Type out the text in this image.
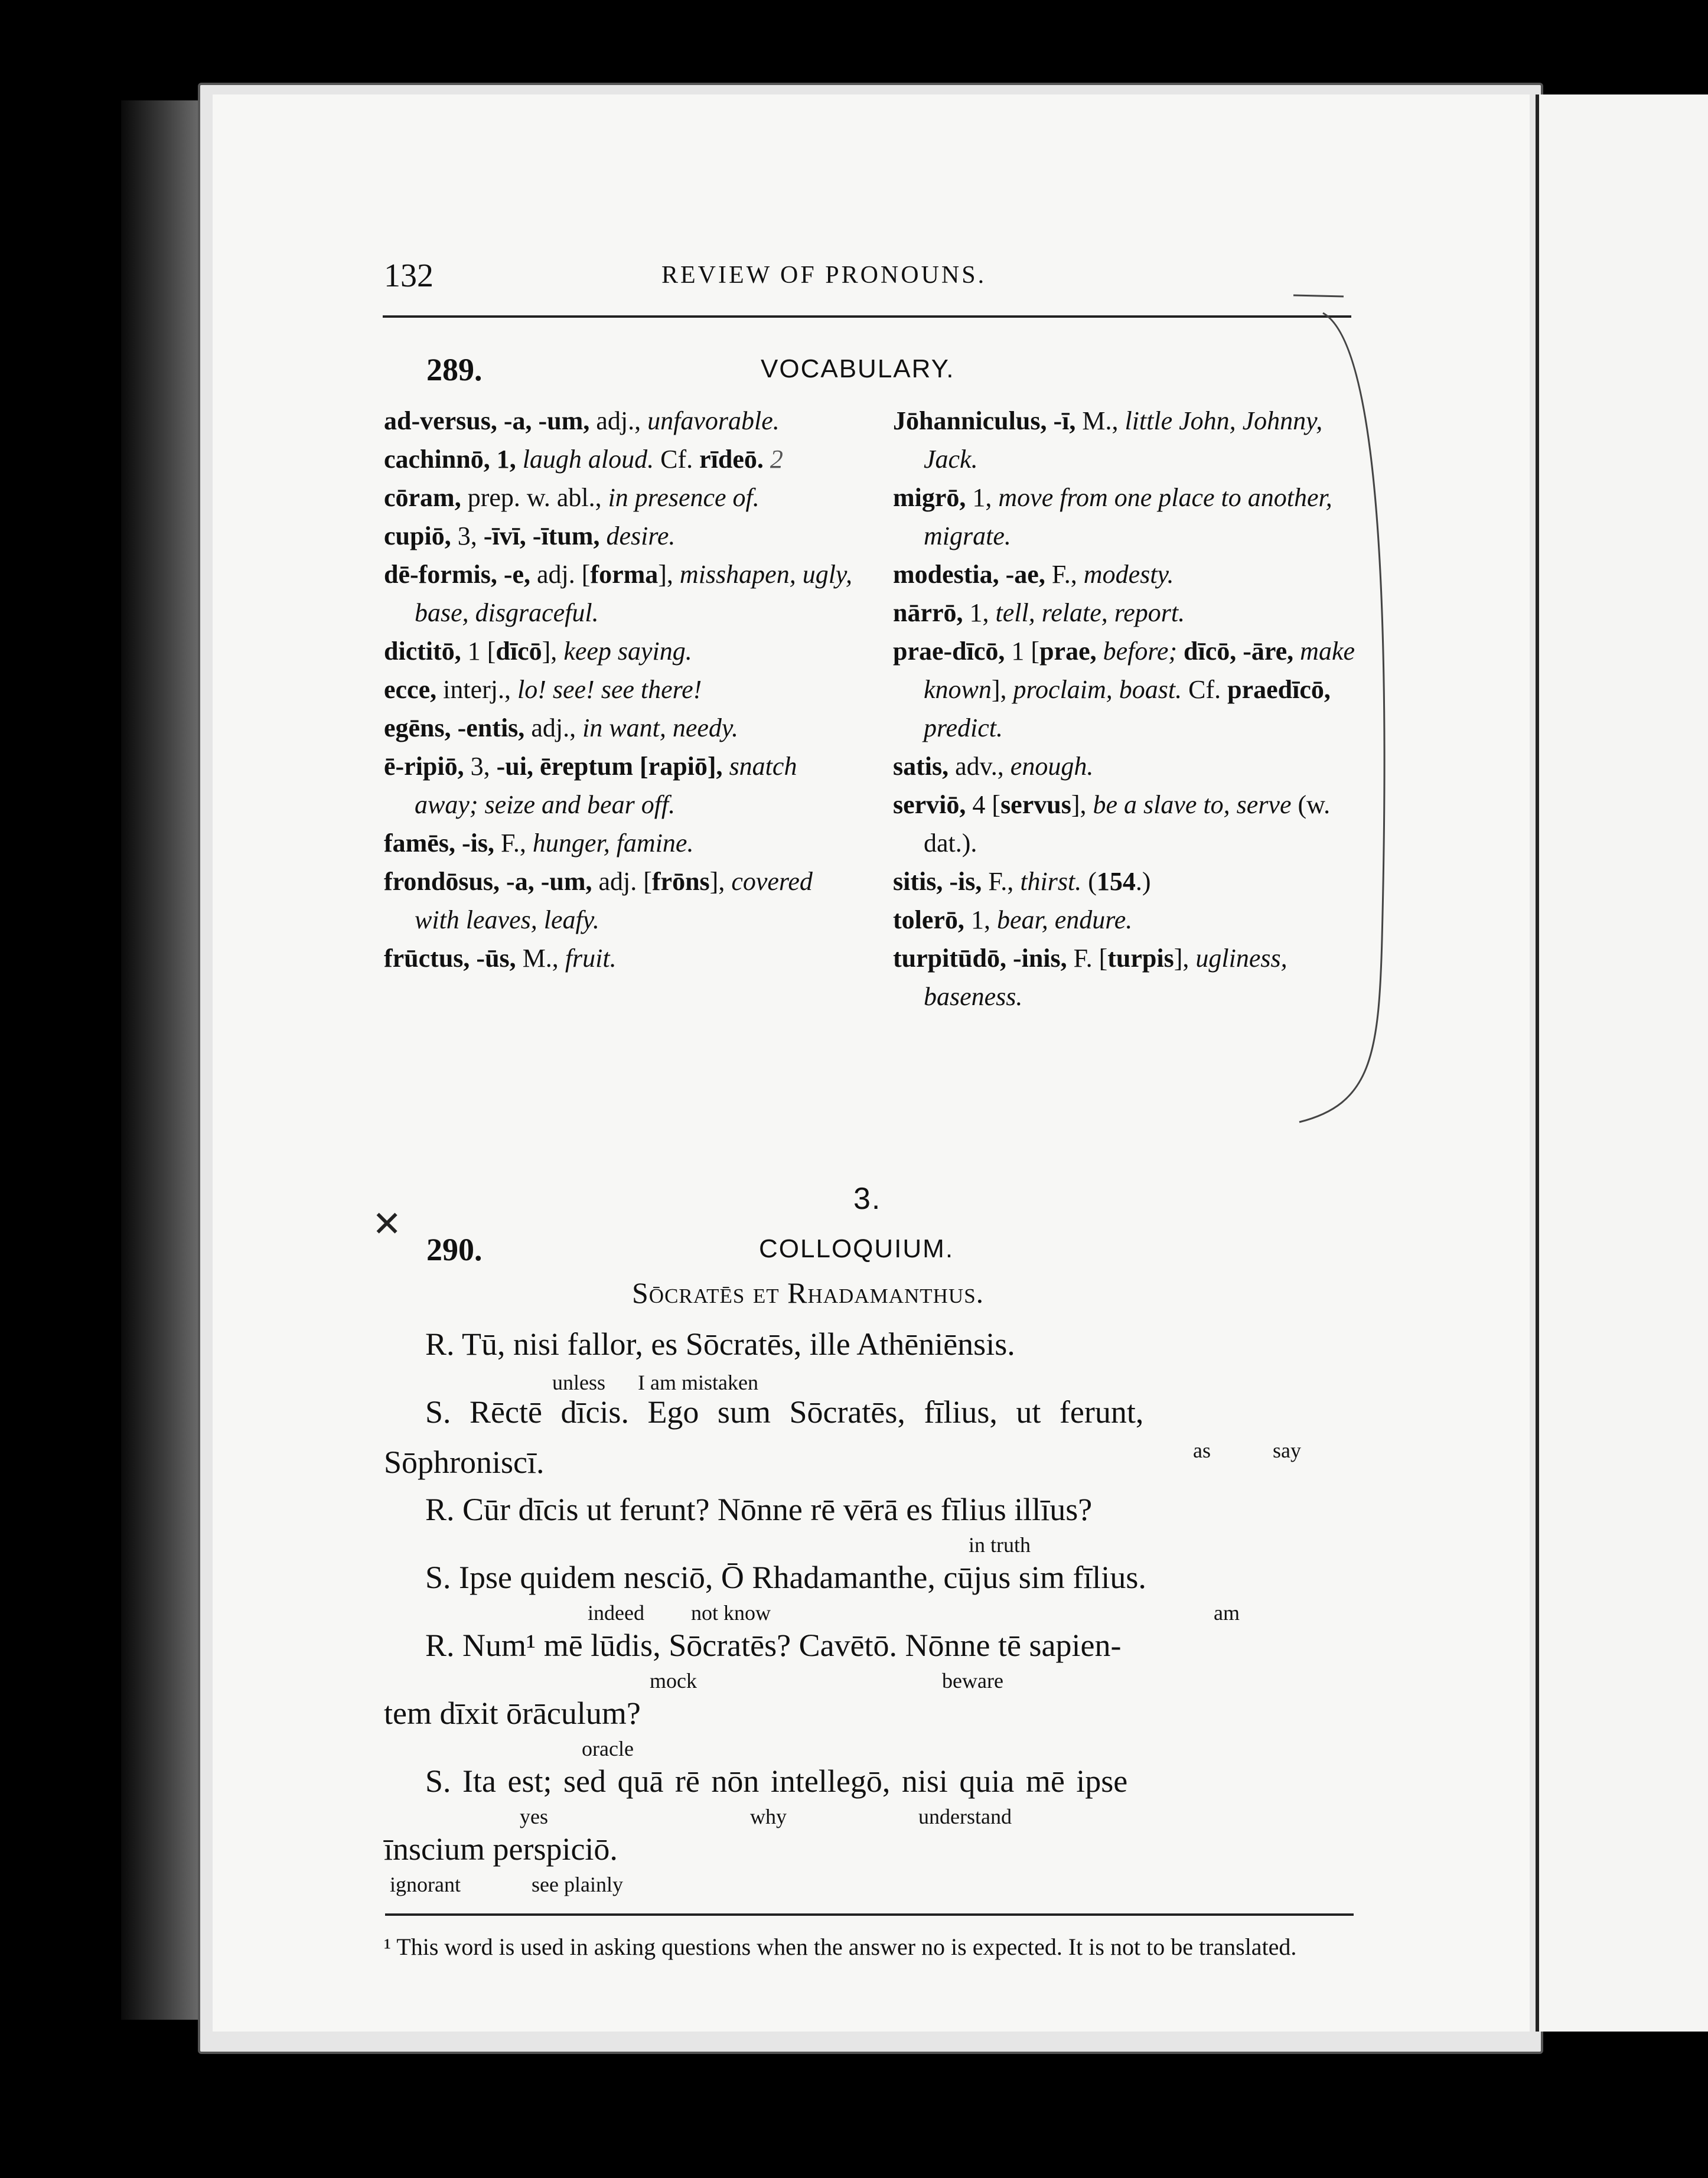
132	REVIEW OF PRONOUNS.
289.	VOCABULARY.

ad-versus, -a, -um, adj., unfavorable.

cachinnō, 1, laugh aloud. Cf. rīdeō. 2

cōram, prep. w. abl., in presence of.

cupiō, 3, -īvī, -ītum, desire.

dē-formis, -e, adj. [forma], misshapen, ugly, base, disgraceful.

dictitō, 1 [dīcō], keep saying.

ecce, interj., lo! see! see there!

egēns, -entis, adj., in want, needy.

ē-ripiō, 3, -ui, ēreptum [rapiō], snatch away; seize and bear off.

famēs, -is, F., hunger, famine.

frondōsus, -a, -um, adj. [frōns], covered with leaves, leafy.

frūctus, -ūs, M., fruit.

Jōhanniculus, -ī, M., little John, Johnny, Jack.

migrō, 1, move from one place to another, migrate.

modestia, -ae, F., modesty.

nārrō, 1, tell, relate, report.

prae-dīcō, 1 [prae, before; dīcō, -āre, make known], proclaim, boast. Cf. praedīcō, predict.

satis, adv., enough.

serviō, 4 [servus], be a slave to, serve (w. dat.).

sitis, -is, F., thirst. (154.)

tolerō, 1, bear, endure.

turpitūdō, -inis, F. [turpis], ugliness, baseness.

3.
✕
290.	COLLOQUIUM.
Sōcratēs et Rhadamanthus.
R. Tū, nisi fallor, es Sōcratēs, ille Athēniēnsis.
unless I am mistaken
S. Rēctē dīcis. Ego sum Sōcratēs, fīlius, ut ferunt,
Sōphroniscī.	as	say
R. Cūr dīcis ut ferunt? Nōnne rē vērā es fīlius illīus?
in truth
S. Ipse quidem nesciō, Ō Rhadamanthe, cūjus sim fīlius.
indeed not know	am
R. Num¹ mē lūdis, Sōcratēs? Cavētō. Nōnne tē sapien-
mock	beware
tem dīxit ōrāculum?
oracle
S. Ita est; sed quā rē nōn intellegō, nisi quia mē ipse
yes	why	understand
īnscium perspiciō.
ignorant	see plainly
¹ This word is used in asking questions when the answer no is expected. It is not to be translated.
